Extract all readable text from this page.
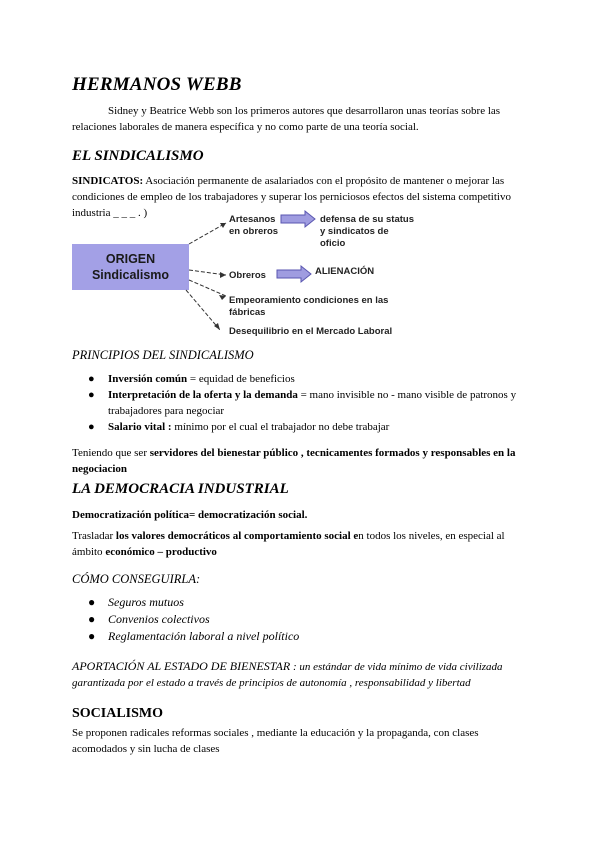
HERMANOS WEBB

Sidney y Beatrice Webb son los primeros autores que desarrollaron unas teorías sobre las relaciones laborales de manera específica y no como parte de una teoría social.

EL SINDICALISMO

SINDICATOS: Asociación permanente de asalariados con el propósito de mantener o mejorar las condiciones de empleo de los trabajadores y superar los perniciosos efectos del sistema competitivo industria _ _ _ . )

ORIGEN
Sindicalismo
Artesanos
en obreros
defensa de su status
y sindicatos de
oficio
Obreros	ALIENACIÓN
Empeoramiento condiciones en las
fábricas
Desequilibrio en el Mercado Laboral
PRINCIPIOS DEL SINDICALISMO
● Inversión común = equidad de beneficios
● Interpretación de la oferta y la demanda = mano invisible no - mano visible de patronos y trabajadores para negociar
● Salario vital : mínimo por el cual el trabajador no debe trabajar

Teniendo que ser servidores del bienestar público , tecnicamentes formados y responsables en la negociacion

LA DEMOCRACIA INDUSTRIAL

Democratización política= democratización social.

Trasladar los valores democráticos al comportamiento social en todos los niveles, en especial al ámbito económico – productivo

CÓMO CONSEGUIRLA:
● Seguros mutuos
● Convenios colectivos
● Reglamentación laboral a nivel político

APORTACIÓN AL ESTADO DE BIENESTAR : un estándar de vida mínimo de vida civilizada garantizada por el estado a través de principios de autonomía , responsabilidad y libertad

SOCIALISMO

Se proponen radicales reformas sociales , mediante la educación y la propaganda, con clases acomodados y sin lucha de clases
